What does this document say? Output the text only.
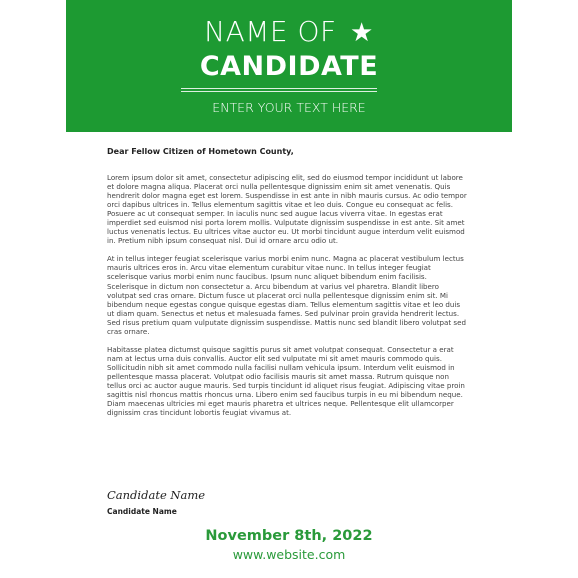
NAME OF ★
CANDIDATE
ENTER YOUR TEXT HERE

Dear Fellow Citizen of Hometown County,

Lorem ipsum dolor sit amet, consectetur adipiscing elit, sed do eiusmod tempor incididunt ut labore et dolore magna aliqua. Placerat orci nulla pellentesque dignissim enim sit amet venenatis. Quis hendrerit dolor magna eget est lorem. Suspendisse in est ante in nibh mauris cursus. Ac odio tempor orci dapibus ultrices in. Tellus elementum sagittis vitae et leo duis. Congue eu consequat ac felis. Posuere ac ut consequat semper. In iaculis nunc sed augue lacus viverra vitae. In egestas erat imperdiet sed euismod nisi porta lorem mollis. Vulputate dignissim suspendisse in est ante. Sit amet luctus venenatis lectus. Eu ultrices vitae auctor eu. Ut morbi tincidunt augue interdum velit euismod in. Pretium nibh ipsum consequat nisl. Dui id ornare arcu odio ut.

At in tellus integer feugiat scelerisque varius morbi enim nunc. Magna ac placerat vestibulum lectus mauris ultrices eros in. Arcu vitae elementum curabitur vitae nunc. In tellus integer feugiat scelerisque varius morbi enim nunc faucibus. Ipsum nunc aliquet bibendum enim facilisis. Scelerisque in dictum non consectetur a. Arcu bibendum at varius vel pharetra. Blandit libero volutpat sed cras ornare. Dictum fusce ut placerat orci nulla pellentesque dignissim enim sit. Mi bibendum neque egestas congue quisque egestas diam. Tellus elementum sagittis vitae et leo duis ut diam quam. Senectus et netus et malesuada fames. Sed pulvinar proin gravida hendrerit lectus. Sed risus pretium quam vulputate dignissim suspendisse. Mattis nunc sed blandit libero volutpat sed cras ornare.

Habitasse platea dictumst quisque sagittis purus sit amet volutpat consequat. Consectetur a erat nam at lectus urna duis convallis. Auctor elit sed vulputate mi sit amet mauris commodo quis. Sollicitudin nibh sit amet commodo nulla facilisi nullam vehicula ipsum. Interdum velit euismod in pellentesque massa placerat. Volutpat odio facilisis mauris sit amet massa. Rutrum quisque non tellus orci ac auctor augue mauris. Sed turpis tincidunt id aliquet risus feugiat. Adipiscing vitae proin sagittis nisl rhoncus mattis rhoncus urna. Libero enim sed faucibus turpis in eu mi bibendum neque. Diam maecenas ultricies mi eget mauris pharetra et ultrices neque. Pellentesque elit ullamcorper dignissim cras tincidunt lobortis feugiat vivamus at.

Candidate Name
Candidate Name
November 8th, 2022
www.website.com
